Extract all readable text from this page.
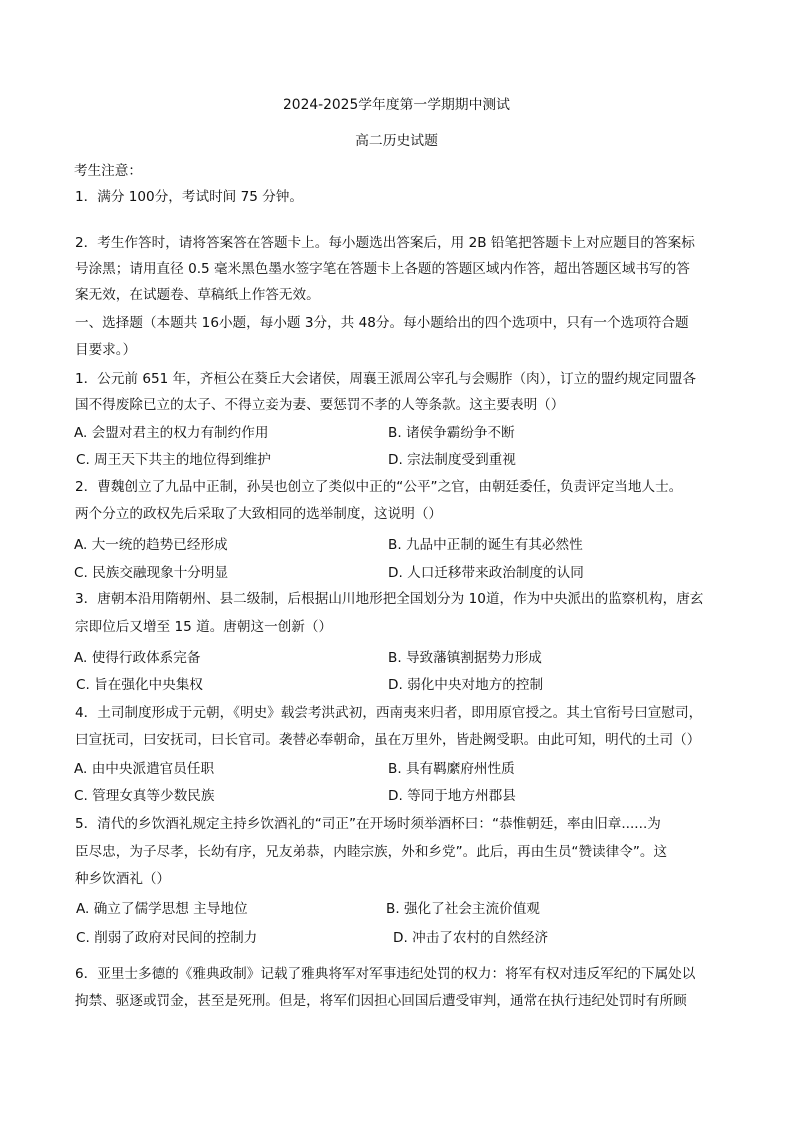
2024-2025学年度第一学期期中测试
高二历史试题
考生注意：
1．满分 100分，考试时间 75 分钟。
2．考生作答时，请将答案答在答题卡上。每小题选出答案后，用 2B 铅笔把答题卡上对应题目的答案标
号涂黑；请用直径 0.5 毫米黑色墨水签字笔在答题卡上各题的答题区域内作答，超出答题区域书写的答
案无效，在试题卷、草稿纸上作答无效。
一、选择题（本题共 16小题，每小题 3分，共 48分。每小题给出的四个选项中，只有一个选项符合题
目要求。）
1．公元前 651 年，齐桓公在葵丘大会诸侯，周襄王派周公宰孔与会赐胙（肉），订立的盟约规定同盟各
国不得废除已立的太子、不得立妾为妻、要惩罚不孝的人等条款。这主要表明（）
A. 会盟对君主的权力有制约作用	B. 诸侯争霸纷争不断
C. 周王天下共主的地位得到维护	D. 宗法制度受到重视
2．曹魏创立了九品中正制，孙吴也创立了类似中正的“公平”之官，由朝廷委任，负责评定当地人士。
两个分立的政权先后采取了大致相同的选举制度，这说明（）
A. 大一统的趋势已经形成	B. 九品中正制的诞生有其必然性
C. 民族交融现象十分明显	D. 人口迁移带来政治制度的认同
3．唐朝本沿用隋朝州、县二级制，后根据山川地形把全国划分为 10道，作为中央派出的监察机构，唐玄
宗即位后又增至 15 道。唐朝这一创新（）
A. 使得行政体系完备	B. 导致藩镇割据势力形成
C. 旨在强化中央集权	D. 弱化中央对地方的控制
4．土司制度形成于元朝，《明史》载尝考洪武初，西南夷来归者，即用原官授之。其土官衔号曰宣慰司，
曰宣抚司，曰安抚司，曰长官司。袭替必奉朝命，虽在万里外，皆赴阙受职。由此可知，明代的土司（）
A. 由中央派遣官员任职	B. 具有羁縻府州性质
C. 管理女真等少数民族	D. 等同于地方州郡县
5．清代的乡饮酒礼规定主持乡饮酒礼的“司正”在开场时须举酒杯曰：“恭惟朝廷，率由旧章......为
臣尽忠，为子尽孝，长幼有序，兄友弟恭，内睦宗族，外和乡党”。此后，再由生员“赞读律令”。这
种乡饮酒礼（）
A. 确立了儒学思想 主导地位	B. 强化了社会主流价值观
C. 削弱了政府对民间的控制力	D. 冲击了农村的自然经济
6．亚里士多德的《雅典政制》记载了雅典将军对军事违纪处罚的权力：将军有权对违反军纪的下属处以
拘禁、驱逐或罚金，甚至是死刑。但是，将军们因担心回国后遭受审判，通常在执行违纪处罚时有所顾
